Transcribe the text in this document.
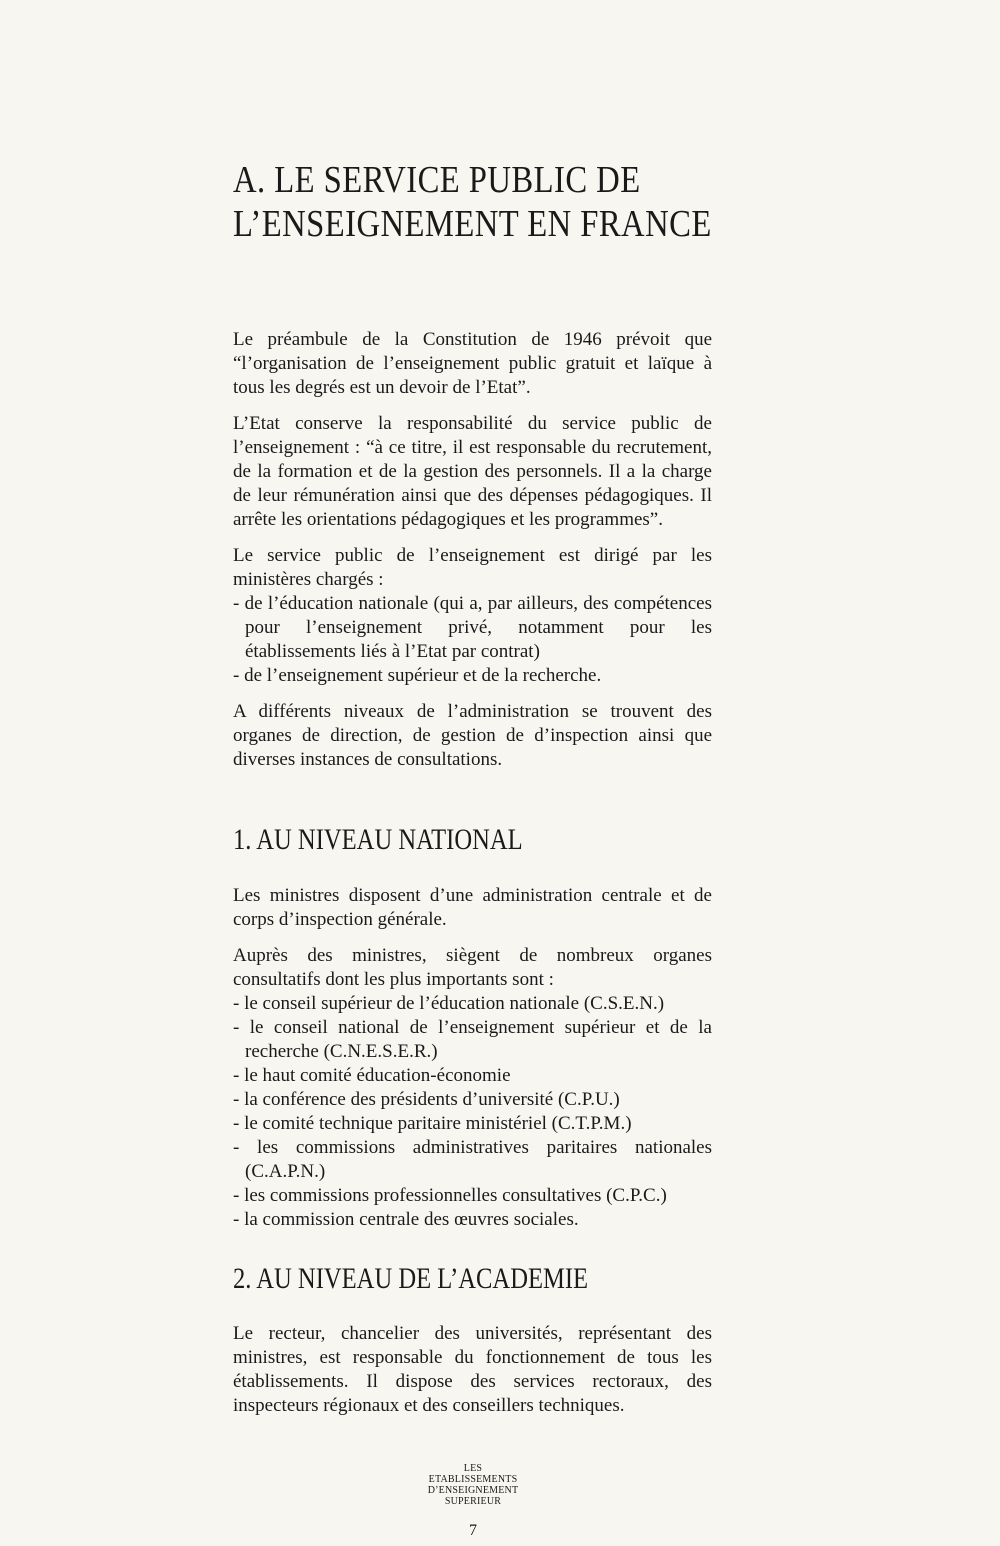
A. LE SERVICE PUBLIC DE
L’ENSEIGNEMENT EN FRANCE

Le préambule de la Constitution de 1946 prévoit que “l’organisation de l’enseignement public gratuit et laïque à tous les degrés est un devoir de l’Etat”.

L’Etat conserve la responsabilité du service public de l’enseignement : “à ce titre, il est responsable du recrutement, de la formation et de la gestion des personnels. Il a la charge de leur rémunération ainsi que des dépenses pédagogiques. Il arrête les orientations pédagogiques et les programmes”.

Le service public de l’enseignement est dirigé par les ministères chargés :

- de l’éducation nationale (qui a, par ailleurs, des compétences pour l’enseignement privé, notamment pour les établissements liés à l’Etat par contrat)
- de l’enseignement supérieur et de la recherche.

A différents niveaux de l’administration se trouvent des organes de direction, de gestion de d’inspection ainsi que diverses instances de consultations.

1. AU NIVEAU NATIONAL

Les ministres disposent d’une administration centrale et de corps d’inspection générale.

Auprès des ministres, siègent de nombreux organes consultatifs dont les plus importants sont :

- le conseil supérieur de l’éducation nationale (C.S.E.N.)
- le conseil national de l’enseignement supérieur et de la recherche (C.N.E.S.E.R.)
- le haut comité éducation-économie
- la conférence des présidents d’université (C.P.U.)
- le comité technique paritaire ministériel (C.T.P.M.)
- les commissions administratives paritaires nationales (C.A.P.N.)
- les commissions professionnelles consultatives (C.P.C.)
- la commission centrale des œuvres sociales.
2. AU NIVEAU DE L’ACADEMIE

Le recteur, chancelier des universités, représentant des ministres, est responsable du fonctionnement de tous les établissements. Il dispose des services rectoraux, des inspecteurs régionaux et des conseillers techniques.

LES
ETABLISSEMENTS
D’ENSEIGNEMENT
SUPERIEUR
7
